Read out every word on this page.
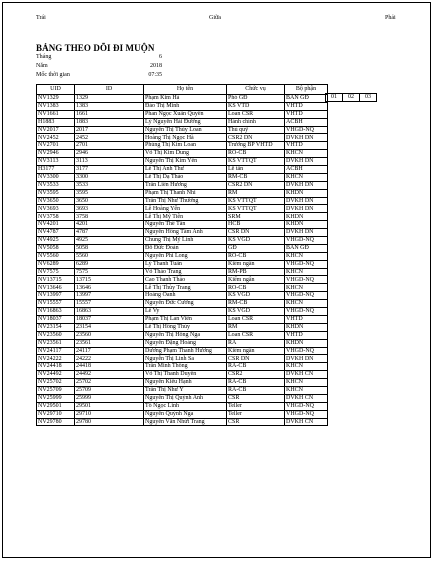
Trái	Giữa	Phải
BẢNG THEO DÕI ĐI MUỘN
Tháng	6
Năm	2018
Mốc thời gian	07:35
UID	ID	Họ tên	Chức vụ	Bộ phận
NV1329	1329	Phạm Kim Hà	Phó GĐ	BAN GĐ
NV1383	1383	Đào Thị Minh	KS VTD	VHTD
NV1661	1661	Phan Ngọc Xuân Quyên	Loan CSR	VHTD
H1883	1883	Lý Nguyễn Hải Đường	Hành chính	ACBH
NV2017	2017	Nguyễn Thị Thùy Loan	Thủ quỹ	VHGD-NQ
NV2452	2452	Hoàng Thị Ngọc Hà	CSR2 DN	DVKH DN
NV2701	2701	Phùng Thị Kim Loan	Trưởng BP VHTD	VHTD
NV2946	2946	Võ Thị Kim Dung	RO-CB	KHCN
NV3113	3113	Nguyễn Thị Kim Yến	KS VTTQT	DVKH DN
H3177	3177	Lê Thị Anh Thư	Lễ tân	ACBH
NV3300	3300	Lê Thị Dạ Thảo	RM-CB	KHCN
NV3533	3533	Trần Liên Hương	CSR2 DN	DVKH DN
NV3595	3595	Phạm Thị Thanh Nhi	RM	KHDN
NV3650	3650	Trần Thị Như Thương	KS VTTQT	DVKH DN
NV3693	3693	Lê Hoàng Yến	KS VTTQT	DVKH DN
NV3758	3758	Lê Thị Mỹ Tiên	SRM	KHDN
NV4201	4201	Nguyễn Thế Tân	HCB	KHDN
NV4787	4787	Nguyễn Hồng Tâm Anh	CSR DN	DVKH DN
NV4925	4925	Chung Thị Mỹ Linh	KS VGD	VHGD-NQ
NV5058	5058	Đỗ Đức Đoàn	GĐ	BAN GĐ
NV5560	5560	Nguyễn Phi Long	RO-CB	KHCN
NV6289	6289	Lý Thanh Tuấn	Kiểm ngân	VHGD-NQ
NV7575	7575	Võ Thảo Trang	RM-PB	KHCN
NV13715	13715	Cao Thanh Thảo	Kiểm ngân	VHGD-NQ
NV13646	13646	Lê Thị Thùy Trang	RO-CB	KHCN
NV13997	13997	Hoàng Oanh	KS VGD	VHGD-NQ
NV15557	15557	Nguyễn Đức Cường	RM-CB	KHCN
NV16863	16863	Lê Vy	KS VGD	VHGD-NQ
NV18037	18037	Phạm Thị Lan Viên	Loan CSR	VHTD
NV23154	23154	Lê Thị Hồng Thủy	RM	KHDN
NV23560	23560	Nguyễn Thị Hồng Nga	Loan CSR	VHTD
NV23561	23561	Nguyễn Đặng Hoàng	RA	KHDN
NV24117	24117	Dương Phạm Thanh Hương	Kiểm ngân	VHGD-NQ
NV24222	24222	Nguyễn Thị Linh Sa	CSR DN	DVKH DN
NV24418	24418	Trần Minh Thông	RA-CB	KHCN
NV24492	24492	Võ Thị Thanh Duyên	CSR2	DVKH CN
NV25702	25702	Nguyễn Kiều Hạnh	RA-CB	KHCN
NV25709	25709	Trần Thị Như Ý	RA-CB	KHCN
NV25999	25999	Nguyễn Thị Quỳnh Anh	CSR	DVKH CN
NV29501	29501	Tô Ngọc Linh	Teller	VHGD-NQ
NV29710	29710	Nguyễn Quỳnh Nga	Teller	VHGD-NQ
NV29780	29780	Nguyễn Văn Nhứt Trang	CSR	DVKH CN
01	02	03
